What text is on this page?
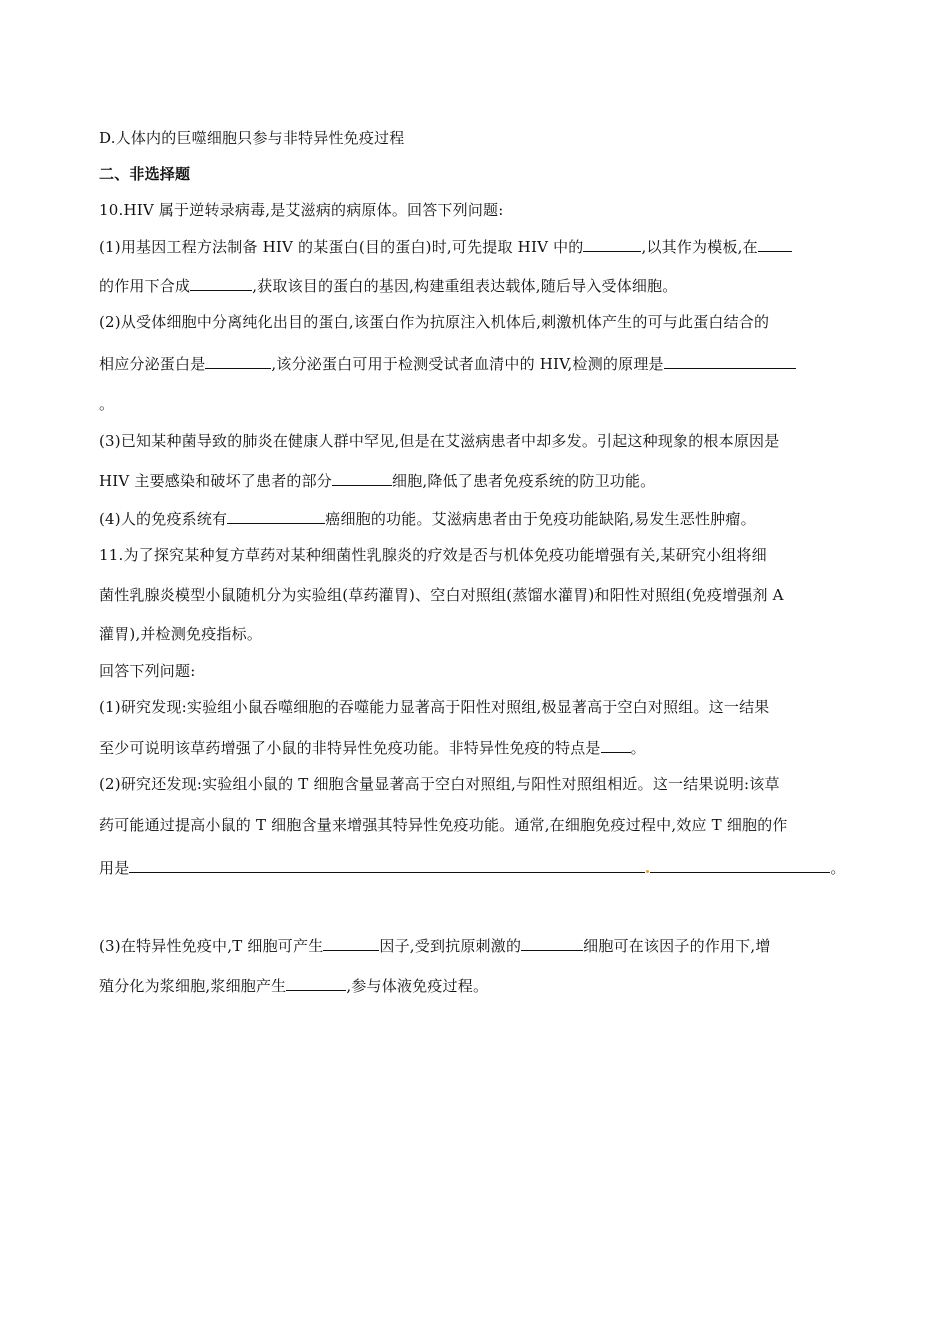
D.人体内的巨噬细胞只参与非特异性免疫过程
二、非选择题
10.HIV 属于逆转录病毒,是艾滋病的病原体。回答下列问题:
(1)用基因工程方法制备 HIV 的某蛋白(目的蛋白)时,可先提取 HIV 中的	,以其作为模板,在
的作用下合成	,获取该目的蛋白的基因,构建重组表达载体,随后导入受体细胞。
(2)从受体细胞中分离纯化出目的蛋白,该蛋白作为抗原注入机体后,刺激机体产生的可与此蛋白结合的
相应分泌蛋白是	,该分泌蛋白可用于检测受试者血清中的 HIV,检测的原理是
。
(3)已知某种菌导致的肺炎在健康人群中罕见,但是在艾滋病患者中却多发。引起这种现象的根本原因是
HIV 主要感染和破坏了患者的部分	细胞,降低了患者免疫系统的防卫功能。
(4)人的免疫系统有	癌细胞的功能。艾滋病患者由于免疫功能缺陷,易发生恶性肿瘤。
11.为了探究某种复方草药对某种细菌性乳腺炎的疗效是否与机体免疫功能增强有关,某研究小组将细
菌性乳腺炎模型小鼠随机分为实验组(草药灌胃)、空白对照组(蒸馏水灌胃)和阳性对照组(免疫增强剂 A
灌胃),并检测免疫指标。
回答下列问题:
(1)研究发现:实验组小鼠吞噬细胞的吞噬能力显著高于阳性对照组,极显著高于空白对照组。这一结果
至少可说明该草药增强了小鼠的非特异性免疫功能。非特异性免疫的特点是 。
(2)研究还发现:实验组小鼠的 T 细胞含量显著高于空白对照组,与阳性对照组相近。这一结果说明:该草
药可能通过提高小鼠的 T 细胞含量来增强其特异性免疫功能。通常,在细胞免疫过程中,效应 T 细胞的作
用是	。
(3)在特异性免疫中,T 细胞可产生	因子,受到抗原刺激的	细胞可在该因子的作用下,增
殖分化为浆细胞,浆细胞产生	,参与体液免疫过程。
